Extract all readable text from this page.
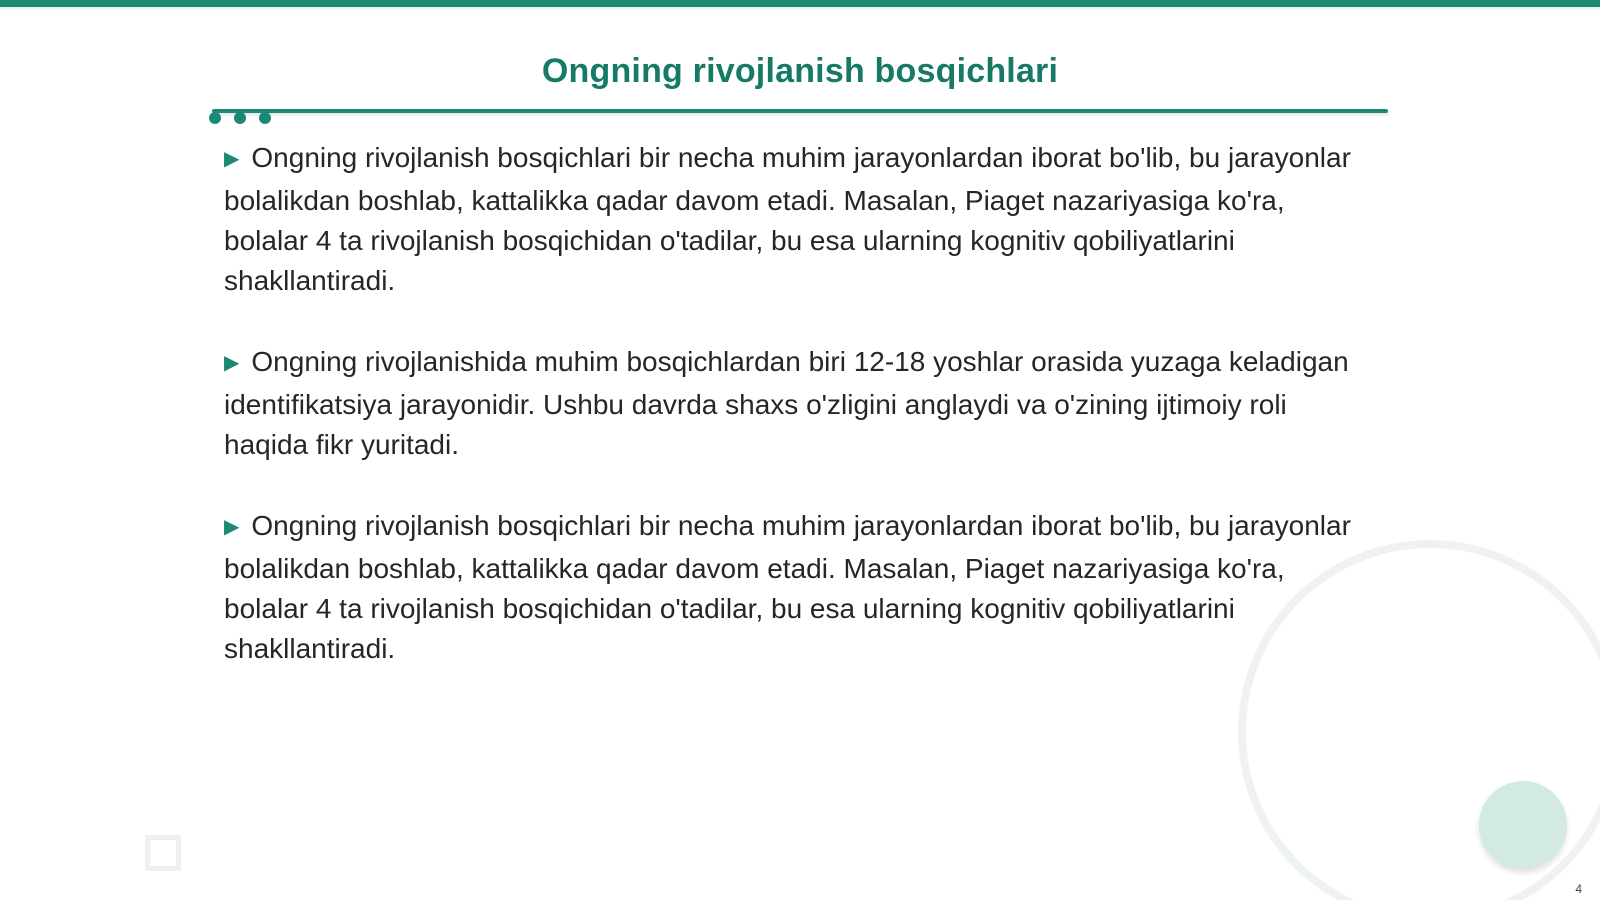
Ongning rivojlanish bosqichlari
▶ Ongning rivojlanish bosqichlari bir necha muhim jarayonlardan iborat bo'lib, bu jarayonlar bolalikdan boshlab, kattalikka qadar davom etadi. Masalan, Piaget nazariyasiga ko'ra, bolalar 4 ta rivojlanish bosqichidan o'tadilar, bu esa ularning kognitiv qobiliyatlarini shakllantiradi.
▶ Ongning rivojlanishida muhim bosqichlardan biri 12-18 yoshlar orasida yuzaga keladigan identifikatsiya jarayonidir. Ushbu davrda shaxs o'zligini anglaydi va o'zining ijtimoiy roli haqida fikr yuritadi.
▶ Ongning rivojlanish bosqichlari bir necha muhim jarayonlardan iborat bo'lib, bu jarayonlar bolalikdan boshlab, kattalikka qadar davom etadi. Masalan, Piaget nazariyasiga ko'ra, bolalar 4 ta rivojlanish bosqichidan o'tadilar, bu esa ularning kognitiv qobiliyatlarini shakllantiradi.
4
